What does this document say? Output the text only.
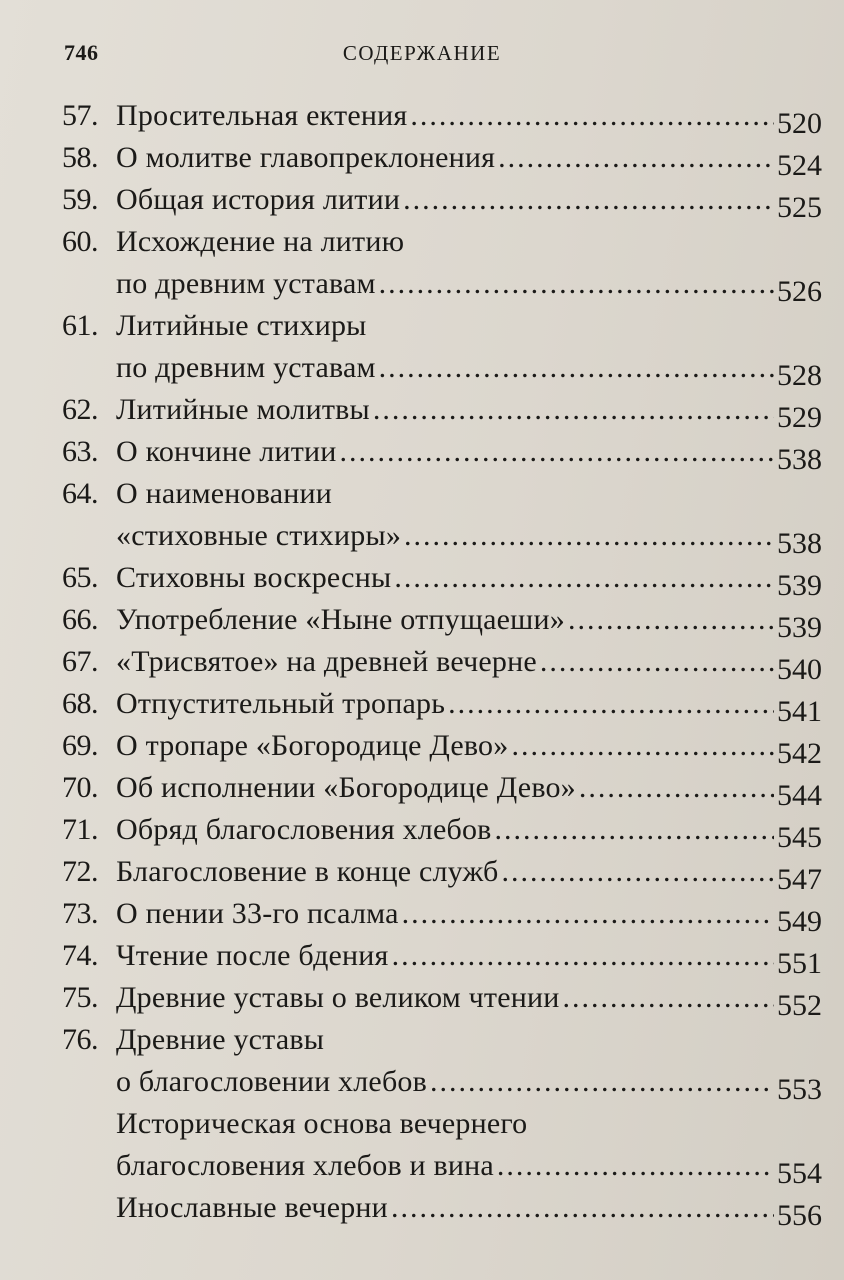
746	СОДЕРЖАНИЕ
57. Просительная ектения .....	520
58. О молитве главопреклонения .....	524
59. Общая история литии .....	525
60. Исхождение на литию
по древним уставам .....	526
61. Литийные стихиры
по древним уставам .....	528
62. Литийные молитвы .....	529
63. О кончине литии .....	538
64. О наименовании
«стиховные стихиры» .....	538
65. Стиховны воскресны .....	539
66. Употребление «Ныне отпущаеши» .....	539
67. «Трисвятое» на древней вечерне .....	540
68. Отпустительный тропарь .....	541
69. О тропаре «Богородице Дево» .....	542
70. Об исполнении «Богородице Дево» .....	544
71. Обряд благословения хлебов .....	545
72. Благословение в конце служб .....	547
73. О пении 33-го псалма .....	549
74. Чтение после бдения .....	551
75. Древние уставы о великом чтении .....	552
76. Древние уставы
о благословении хлебов .....	553
Историческая основа вечернего
благословения хлебов и вина .....	554
Инославные вечерни .....	556
